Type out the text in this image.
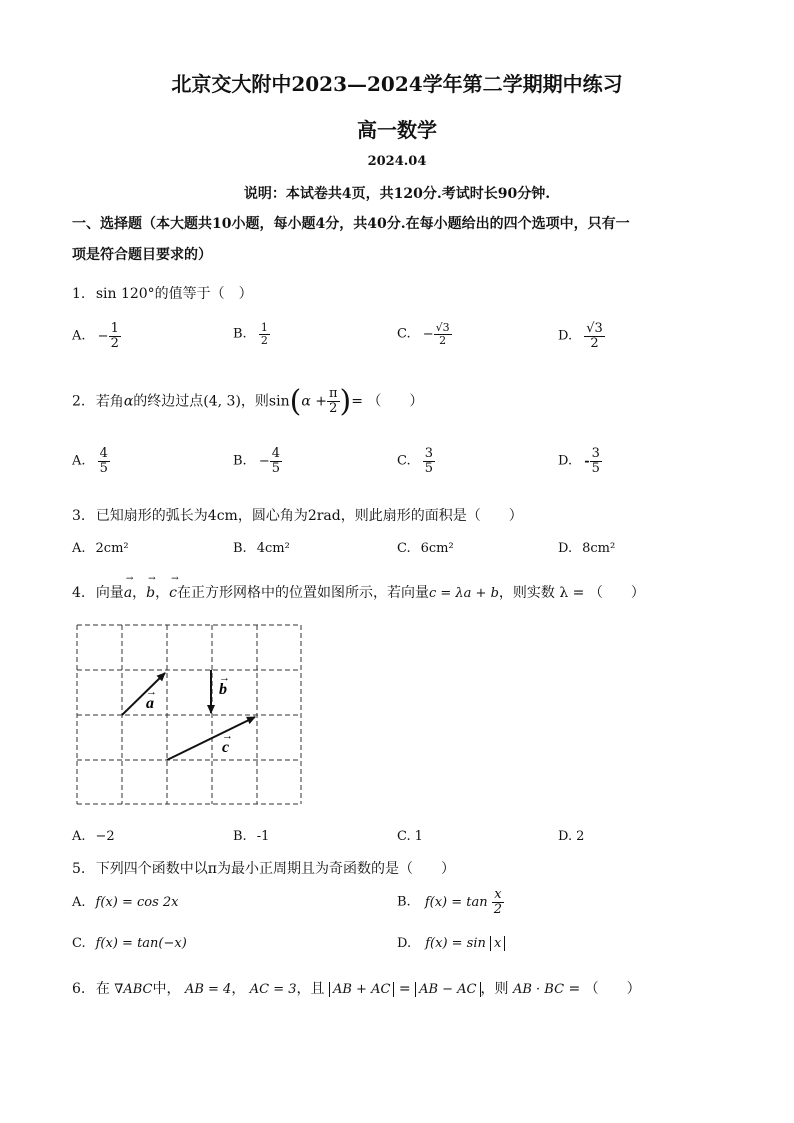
北京交大附中2023—2024学年第二学期期中练习
高一数学
2024.04
说明：本试卷共4页，共120分.考试时长90分钟.
一、选择题（本大题共10小题，每小题4分，共40分.在每小题给出的四个选项中，只有一
项是符合题目要求的）
1. sin 120°的值等于（　）
A. − $\frac{1}{2}$	B. $\frac{1}{2}$	C. − $\frac{√3}{2}$	D. $\frac{√3}{2}$
2. 若角α的终边过点(4, 3)，则$\sin(\alpha + \frac{\pi}{2}$ )= （　　）
A. $\frac{4}{5}$	B. − $\frac{4}{5}$	C. $\frac{3}{5}$	D. - $\frac{3}{5}$
3. 已知扇形的弧长为4cm，圆心角为2rad，则此扇形的面积是（　　）
A. 2cm²	B. 4cm²	C. 6cm²	D. 8cm²
4. 向量→ a，→ b，→ c在正方形网格中的位置如图所示，若向量c = λa + b，则实数 λ = （　　）
a
b
c
→
→
→
A. −2	B. -1	C. 1	D. 2
5. 下列四个函数中以π为最小正周期且为奇函数的是（　　）
A. f(x) = cos 2x	B. $f(x) = \tan \frac{x}{2}$
C. f(x) = tan(−x)	D. f(x) = sin x
6. 在 ∇ABC中， AB = 4， AC = 3，且 AB + AC = AB − AC ，则 AB · BC = （　　）
